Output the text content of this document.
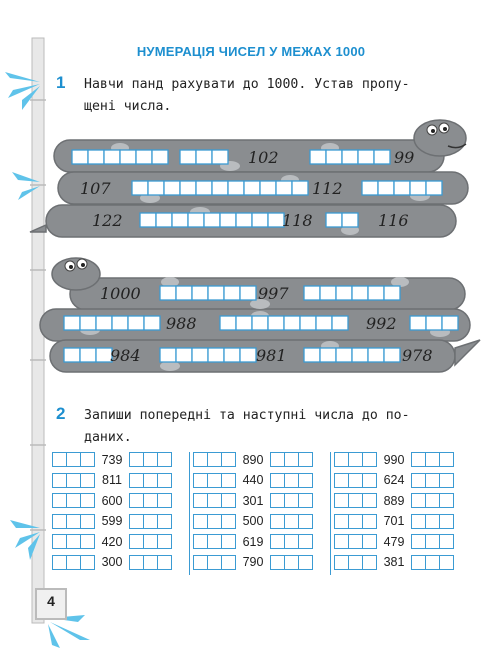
НУМЕРАЦІЯ ЧИСЕЛ У МЕЖАХ 1000
1 Навчи панд рахувати до 1000. Устав пропу-
щені числа.
102	99
107	112
122	118	116
1000	997
988	992
984	981	978
2 Запиши попередні та наступні числа до по-
даних.
739
811
600
599
420
300
890
440
301
500
619
790
990
624
889
701
479
381
4
